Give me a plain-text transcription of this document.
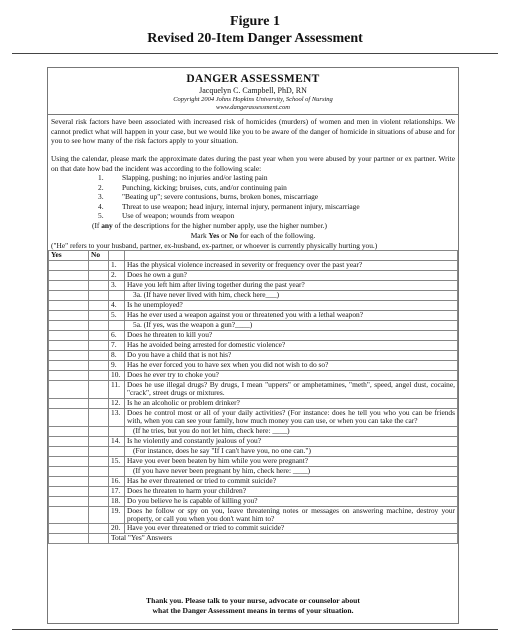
Figure 1
Revised 20-Item Danger Assessment
DANGER ASSESSMENT
Jacquelyn C. Campbell, PhD, RN
Copyright 2004 Johns Hopkins University, School of Nursing
www.dangerassessment.com
Several risk factors have been associated with increased risk of homicides (murders) of women and men in violent relationships. We cannot predict what will happen in your case, but we would like you to be aware of the danger of homicide in situations of abuse and for you to see how many of the risk factors apply to your situation.
Using the calendar, please mark the approximate dates during the past year when you were abused by your partner or ex partner. Write on that date how bad the incident was according to the following scale:
1. Slapping, pushing; no injuries and/or lasting pain
2. Punching, kicking; bruises, cuts, and/or continuing pain
3. "Beating up"; severe contusions, burns, broken bones, miscarriage
4. Threat to use weapon; head injury, internal injury, permanent injury, miscarriage
5. Use of weapon; wounds from weapon
(If any of the descriptions for the higher number apply, use the higher number.)
Mark Yes or No for each of the following.
("He" refers to your husband, partner, ex-husband, ex-partner, or whoever is currently physically hurting you.)
Yes	No		
		1.	Has the physical violence increased in severity or frequency over the past year?
		2.	Does he own a gun?
		3.	Have you left him after living together during the past year?
			3a. (If have never lived with him, check here___)
		4.	Is he unemployed?
		5.	Has he ever used a weapon against you or threatened you with a lethal weapon?
			5a. (If yes, was the weapon a gun?____)
		6.	Does he threaten to kill you?
		7.	Has he avoided being arrested for domestic violence?
		8.	Do you have a child that is not his?
		9.	Has he ever forced you to have sex when you did not wish to do so?
		10.	Does he ever try to choke you?
		11.	Does he use illegal drugs? By drugs, I mean "uppers" or amphetamines, "meth", speed, angel dust, cocaine, "crack", street drugs or mixtures.
		12.	Is he an alcoholic or problem drinker?
		13.	Does he control most or all of your daily activities? (For instance: does he tell you who you can be friends with, when you can see your family, how much money you can use, or when you can take the car?
			(If he tries, but you do not let him, check here: ____)
		14.	Is he violently and constantly jealous of you?
			(For instance, does he say "If I can't have you, no one can.")
		15.	Have you ever been beaten by him while you were pregnant?
			(If you have never been pregnant by him, check here: ____)
		16.	Has he ever threatened or tried to commit suicide?
		17.	Does he threaten to harm your children?
		18.	Do you believe he is capable of killing you?
		19.	Does he follow or spy on you, leave threatening notes or messages on answering machine, destroy your property, or call you when you don't want him to?
		20.	Have you ever threatened or tried to commit suicide?
		Total "Yes" Answers	
Thank you. Please talk to your nurse, advocate or counselor about
what the Danger Assessment means in terms of your situation.
